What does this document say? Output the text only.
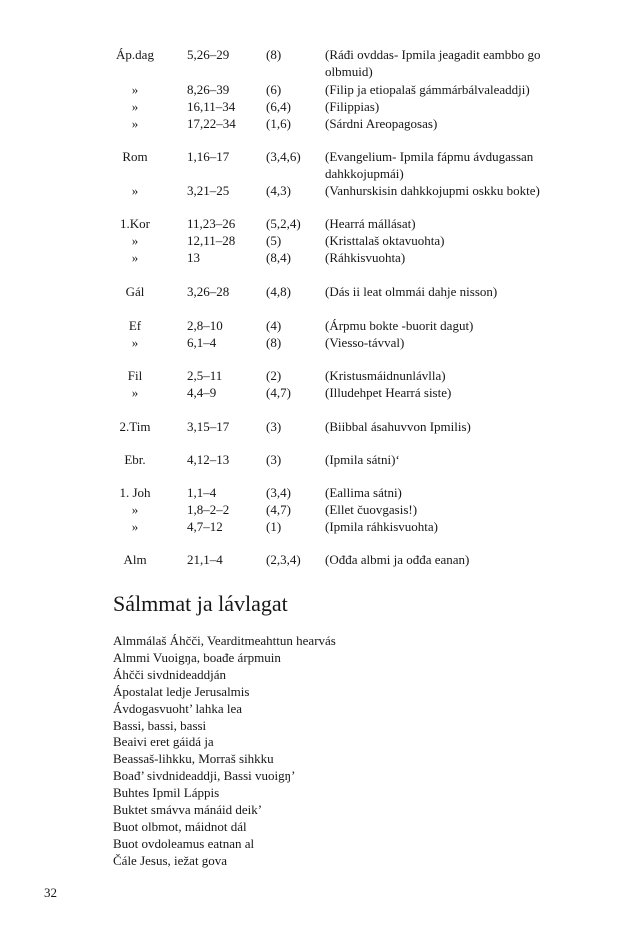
Áp.dag	5,26–29	(8)	(Ráđi ovddas- Ipmila jeagadit eambbo go olbmuid)
»	8,26–39	(6)	(Filip ja etiopalaš gámmárbálvaleaddji)
»	16,11–34	(6,4)	(Filippias)
»	17,22–34	(1,6)	(Sárdni Areopagosas)
Rom	1,16–17	(3,4,6)	(Evangelium- Ipmila fápmu ávdugassan dahkkojupmái)
»	3,21–25	(4,3)	(Vanhurskisin dahkkojupmi oskku bokte)
1.Kor	11,23–26	(5,2,4)	(Hearrá mállásat)
»	12,11–28	(5)	(Kristtalaš oktavuohta)
»	13	(8,4)	(Ráhkisvuohta)
Gál	3,26–28	(4,8)	(Dás ii leat olmmái dahje nisson)
Ef	2,8–10	(4)	(Árpmu bokte -buorit dagut)
»	6,1–4	(8)	(Viesso-távval)
Fil	2,5–11	(2)	(Kristusmáidnunlávlla)
»	4,4–9	(4,7)	(Illudehpet Hearrá siste)
2.Tim	3,15–17	(3)	(Biibbal ásahuvvon Ipmilis)
Ebr.	4,12–13	(3)	(Ipmila sátni)‘
1. Joh	1,1–4	(3,4)	(Eallima sátni)
»	1,8–2–2	(4,7)	(Ellet čuovgasis!)
»	4,7–12	(1)	(Ipmila ráhkisvuohta)
Alm	21,1–4	(2,3,4)	(Ođđa albmi ja ođđa eanan)
Sálmmat ja lávlagat
Almmálaš Áhčči, Vearditmeahttun hearvás
Almmi Vuoigŋa, boađe árpmuin
Áhčči sivdnideaddján
Ápostalat ledje Jerusalmis
Ávdogasvuoht’ lahka lea
Bassi, bassi, bassi
Beaivi eret gáidá ja
Beassaš-lihkku, Morraš sihkku
Boađ’ sivdnideaddji, Bassi vuoigŋ’
Buhtes Ipmil Láppis
Buktet smávva mánáid deik’
Buot olbmot, máidnot dál
Buot ovdoleamus eatnan al
Čále Jesus, iežat gova
32
